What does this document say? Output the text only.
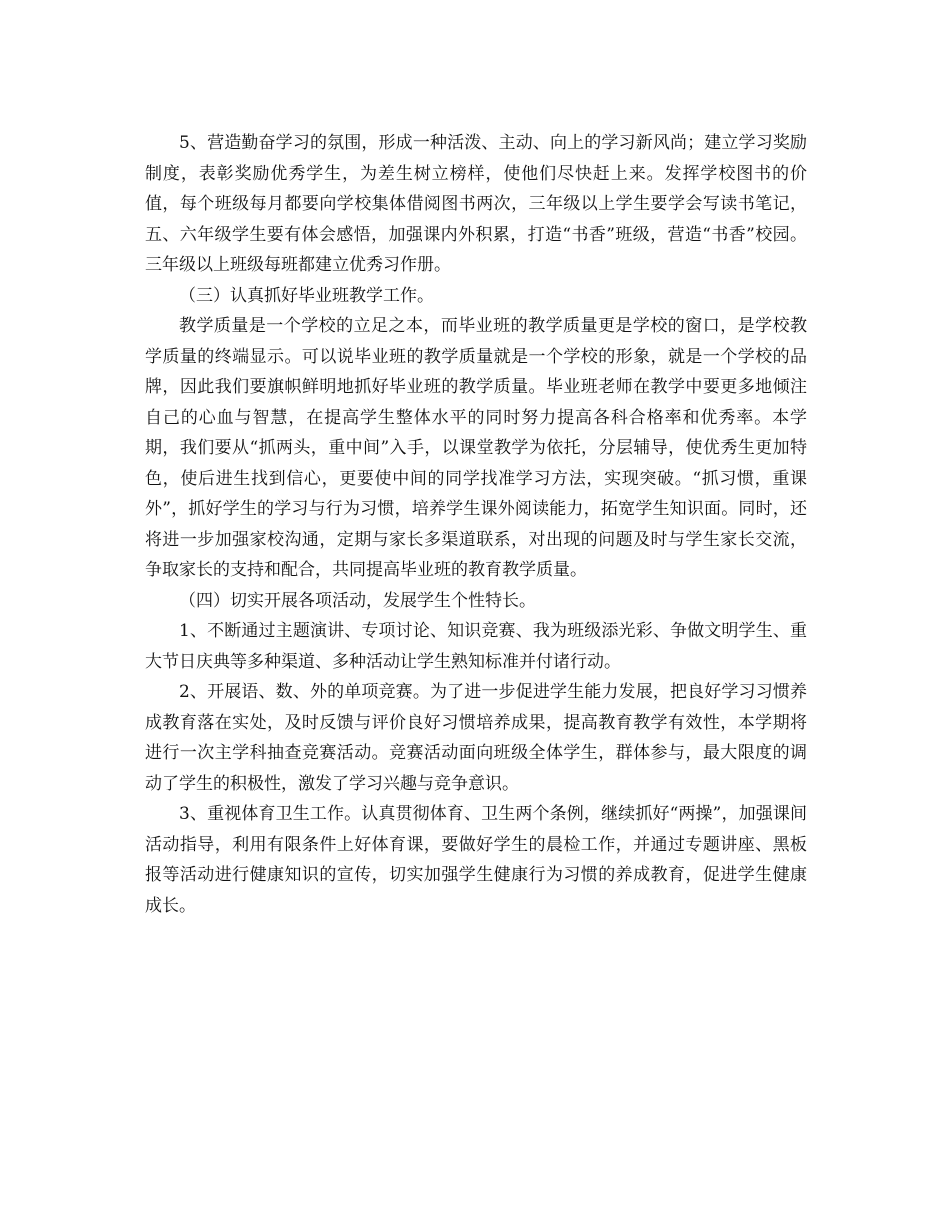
5、营造勤奋学习的氛围，形成一种活泼、主动、向上的学习新风尚；建立学习奖励制度，表彰奖励优秀学生，为差生树立榜样，使他们尽快赶上来。发挥学校图书的价值，每个班级每月都要向学校集体借阅图书两次，三年级以上学生要学会写读书笔记，五、六年级学生要有体会感悟，加强课内外积累，打造“书香”班级，营造“书香”校园。三年级以上班级每班都建立优秀习作册。

（三）认真抓好毕业班教学工作。

教学质量是一个学校的立足之本，而毕业班的教学质量更是学校的窗口，是学校教学质量的终端显示。可以说毕业班的教学质量就是一个学校的形象，就是一个学校的品牌，因此我们要旗帜鲜明地抓好毕业班的教学质量。毕业班老师在教学中要更多地倾注自己的心血与智慧，在提高学生整体水平的同时努力提高各科合格率和优秀率。本学期，我们要从“抓两头，重中间”入手，以课堂教学为依托，分层辅导，使优秀生更加特色，使后进生找到信心，更要使中间的同学找准学习方法，实现突破。“抓习惯，重课外”，抓好学生的学习与行为习惯，培养学生课外阅读能力，拓宽学生知识面。同时，还将进一步加强家校沟通，定期与家长多渠道联系，对出现的问题及时与学生家长交流，争取家长的支持和配合，共同提高毕业班的教育教学质量。

（四）切实开展各项活动，发展学生个性特长。

1、不断通过主题演讲、专项讨论、知识竞赛、我为班级添光彩、争做文明学生、重大节日庆典等多种渠道、多种活动让学生熟知标准并付诸行动。

2、开展语、数、外的单项竞赛。为了进一步促进学生能力发展，把良好学习习惯养成教育落在实处，及时反馈与评价良好习惯培养成果，提高教育教学有效性，本学期将进行一次主学科抽查竞赛活动。竞赛活动面向班级全体学生，群体参与，最大限度的调动了学生的积极性，激发了学习兴趣与竞争意识。

3、重视体育卫生工作。认真贯彻体育、卫生两个条例，继续抓好“两操”，加强课间活动指导，利用有限条件上好体育课，要做好学生的晨检工作，并通过专题讲座、黑板报等活动进行健康知识的宣传，切实加强学生健康行为习惯的养成教育，促进学生健康成长。
